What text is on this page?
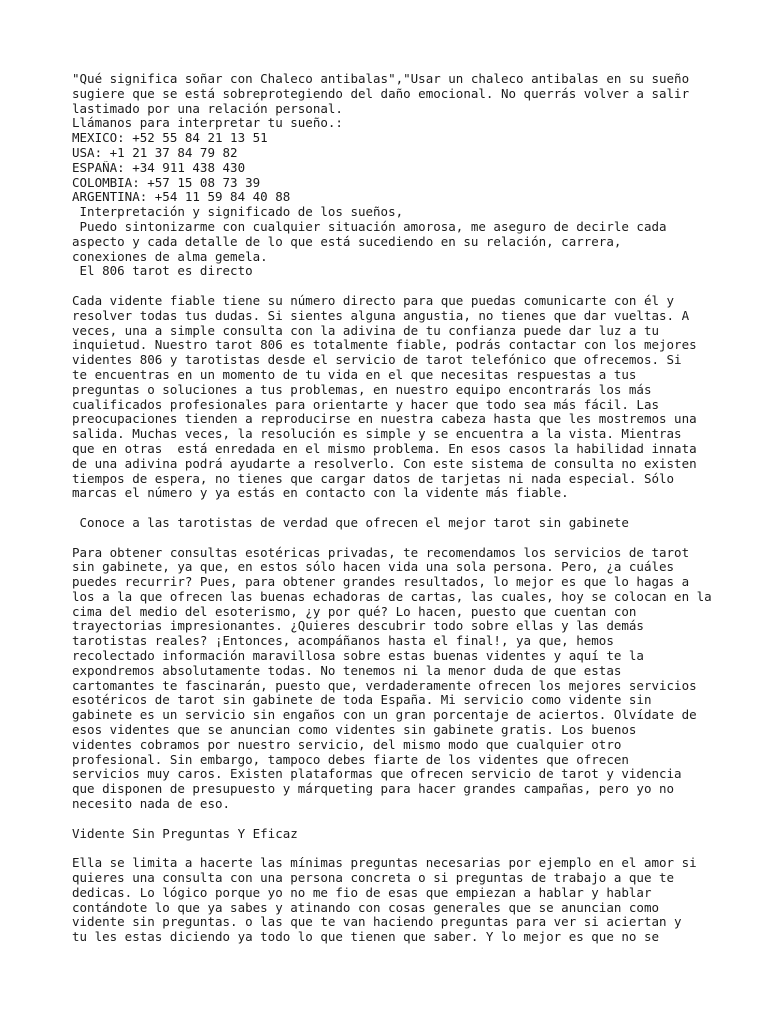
"Qué significa soñar con Chaleco antibalas","Usar un chaleco antibalas en su sueño
sugiere que se está sobreprotegiendo del daño emocional. No querrás volver a salir
lastimado por una relación personal.
Llámanos para interpretar tu sueño.:
MEXICO: +52 55 84 21 13 51
USA: +1 21 37 84 79 82
ESPAÑA: +34 911 438 430
COLOMBIA: +57 15 08 73 39
ARGENTINA: +54 11 59 84 40 88
Interpretación y significado de los sueños,
Puedo sintonizarme con cualquier situación amorosa, me aseguro de decirle cada
aspecto y cada detalle de lo que está sucediendo en su relación, carrera,
conexiones de alma gemela.
El 806 tarot es directo
Cada vidente fiable tiene su número directo para que puedas comunicarte con él y
resolver todas tus dudas. Si sientes alguna angustia, no tienes que dar vueltas. A
veces, una a simple consulta con la adivina de tu confianza puede dar luz a tu
inquietud. Nuestro tarot 806 es totalmente fiable, podrás contactar con los mejores
videntes 806 y tarotistas desde el servicio de tarot telefónico que ofrecemos. Si
te encuentras en un momento de tu vida en el que necesitas respuestas a tus
preguntas o soluciones a tus problemas, en nuestro equipo encontrarás los más
cualificados profesionales para orientarte y hacer que todo sea más fácil. Las
preocupaciones tienden a reproducirse en nuestra cabeza hasta que les mostremos una
salida. Muchas veces, la resolución es simple y se encuentra a la vista. Mientras
que en otras  está enredada en el mismo problema. En esos casos la habilidad innata
de una adivina podrá ayudarte a resolverlo. Con este sistema de consulta no existen
tiempos de espera, no tienes que cargar datos de tarjetas ni nada especial. Sólo
marcas el número y ya estás en contacto con la vidente más fiable.
Conoce a las tarotistas de verdad que ofrecen el mejor tarot sin gabinete
Para obtener consultas esotéricas privadas, te recomendamos los servicios de tarot
sin gabinete, ya que, en estos sólo hacen vida una sola persona. Pero, ¿a cuáles
puedes recurrir? Pues, para obtener grandes resultados, lo mejor es que lo hagas a
los a la que ofrecen las buenas echadoras de cartas, las cuales, hoy se colocan en la
cima del medio del esoterismo, ¿y por qué? Lo hacen, puesto que cuentan con
trayectorias impresionantes. ¿Quieres descubrir todo sobre ellas y las demás
tarotistas reales? ¡Entonces, acompáñanos hasta el final!, ya que, hemos
recolectado información maravillosa sobre estas buenas videntes y aquí te la
expondremos absolutamente todas. No tenemos ni la menor duda de que estas
cartomantes te fascinarán, puesto que, verdaderamente ofrecen los mejores servicios
esotéricos de tarot sin gabinete de toda España. Mi servicio como vidente sin
gabinete es un servicio sin engaños con un gran porcentaje de aciertos. Olvídate de
esos videntes que se anuncian como videntes sin gabinete gratis. Los buenos
videntes cobramos por nuestro servicio, del mismo modo que cualquier otro
profesional. Sin embargo, tampoco debes fiarte de los videntes que ofrecen
servicios muy caros. Existen plataformas que ofrecen servicio de tarot y videncia
que disponen de presupuesto y márqueting para hacer grandes campañas, pero yo no
necesito nada de eso.
Vidente Sin Preguntas Y Eficaz
Ella se limita a hacerte las mínimas preguntas necesarias por ejemplo en el amor si
quieres una consulta con una persona concreta o si preguntas de trabajo a que te
dedicas. Lo lógico porque yo no me fio de esas que empiezan a hablar y hablar
contándote lo que ya sabes y atinando con cosas generales que se anuncian como
vidente sin preguntas. o las que te van haciendo preguntas para ver si aciertan y
tu les estas diciendo ya todo lo que tienen que saber. Y lo mejor es que no se
